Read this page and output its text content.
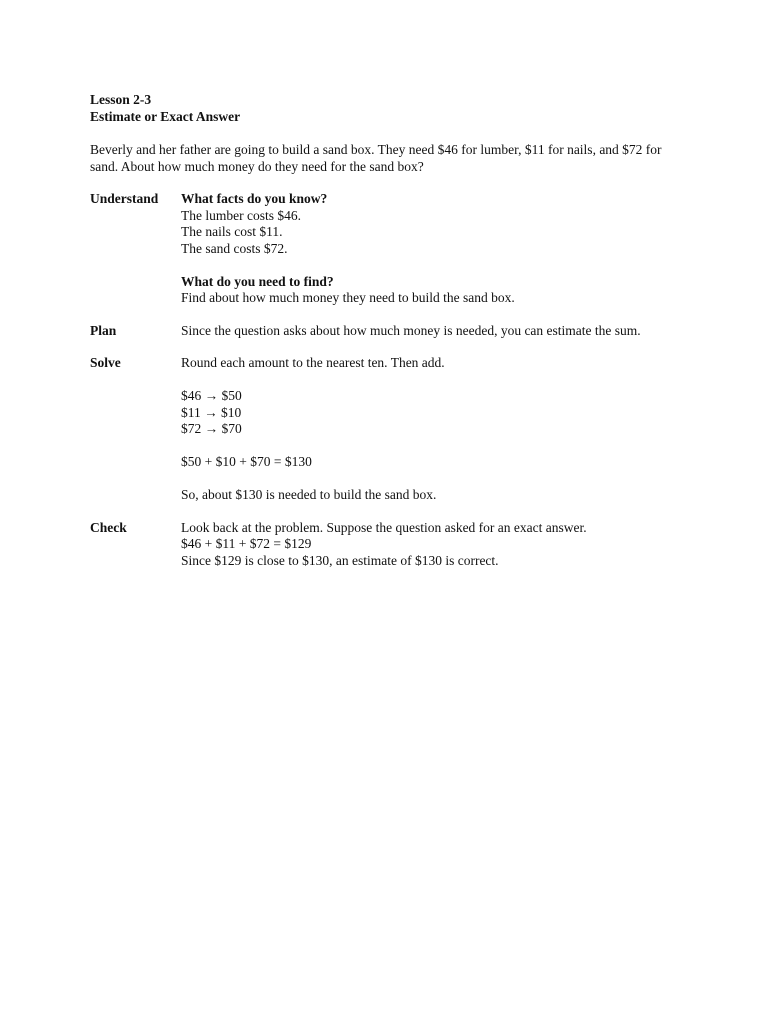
Lesson 2-3
Estimate or Exact Answer
Beverly and her father are going to build a sand box. They need $46 for lumber, $11 for nails, and $72 for
sand. About how much money do they need for the sand box?
Understand	What facts do you know?
The lumber costs $46.
The nails cost $11.
The sand costs $72.
What do you need to find?
Find about how much money they need to build the sand box.
Plan	Since the question asks about how much money is needed, you can estimate the sum.
Solve	Round each amount to the nearest ten. Then add.
$46 → $50
$11 → $10
$72 → $70
$50 + $10 + $70 = $130
So, about $130 is needed to build the sand box.
Check	Look back at the problem. Suppose the question asked for an exact answer.
$46 + $11 + $72 = $129
Since $129 is close to $130, an estimate of $130 is correct.
